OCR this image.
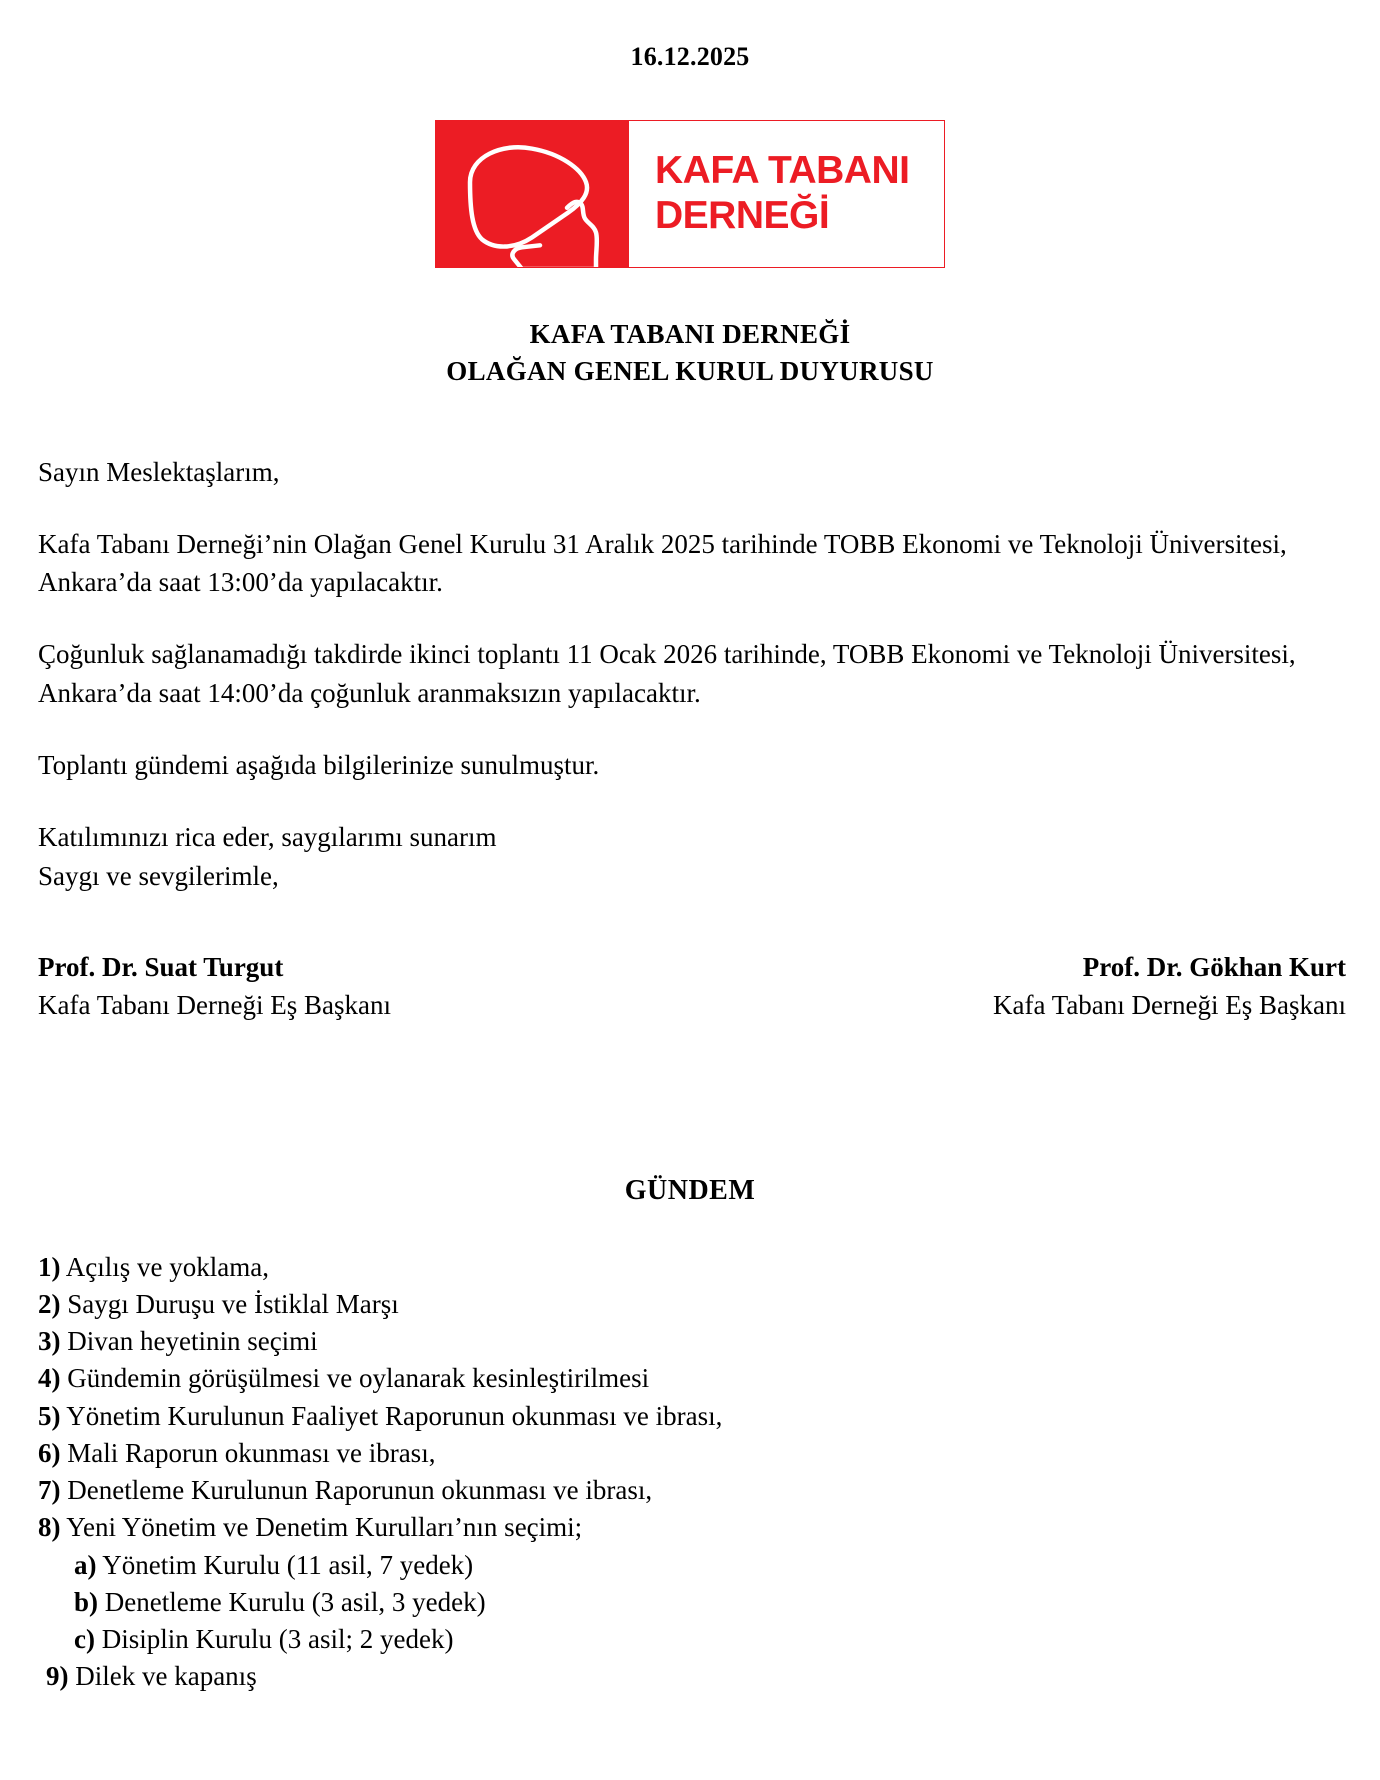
16.12.2025
KAFA TABANI
DERNEĞİ
KAFA TABANI DERNEĞİ
OLAĞAN GENEL KURUL DUYURUSU

Sayın Meslektaşlarım,

Kafa Tabanı Derneği’nin Olağan Genel Kurulu 31 Aralık 2025 tarihinde TOBB Ekonomi ve Teknoloji Üniversitesi, Ankara’da saat 13:00’da yapılacaktır.

Çoğunluk sağlanamadığı takdirde ikinci toplantı 11 Ocak 2026 tarihinde, TOBB Ekonomi ve Teknoloji Üniversitesi, Ankara’da saat 14:00’da çoğunluk aranmaksızın yapılacaktır.

Toplantı gündemi aşağıda bilgilerinize sunulmuştur.

Katılımınızı rica eder, saygılarımı sunarım

Saygı ve sevgilerimle,

Prof. Dr. Suat Turgut
Kafa Tabanı Derneği Eş Başkanı
Prof. Dr. Gökhan Kurt
Kafa Tabanı Derneği Eş Başkanı
GÜNDEM
1) Açılış ve yoklama,
2) Saygı Duruşu ve İstiklal Marşı
3) Divan heyetinin seçimi
4) Gündemin görüşülmesi ve oylanarak kesinleştirilmesi
5) Yönetim Kurulunun Faaliyet Raporunun okunması ve ibrası,
6) Mali Raporun okunması ve ibrası,
7) Denetleme Kurulunun Raporunun okunması ve ibrası,
8) Yeni Yönetim ve Denetim Kurulları’nın seçimi;
a) Yönetim Kurulu (11 asil, 7 yedek)
b) Denetleme Kurulu (3 asil, 3 yedek)
c) Disiplin Kurulu (3 asil; 2 yedek)
9) Dilek ve kapanış
